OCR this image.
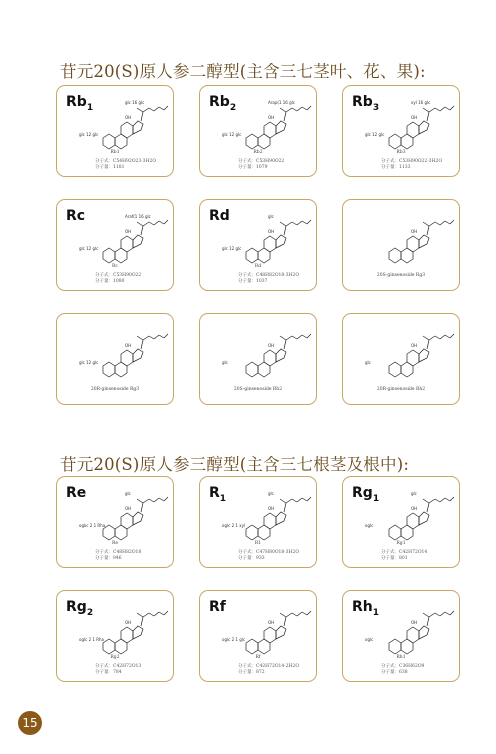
苷元20(S)原人参二醇型(主含三七茎叶、花、果):
苷元20(S)原人参三醇型(主含三七根茎及根中):
$Rb_1$
glc 16 glc
glc 12 glc
OH
Rb1
分子式：C54H92O23·3H2O
分子量：1181
$Rb_2$
Arap(1 16 glc
glc 12 glc
OH
Rb2
分子式：C53H90O22
分子量：1079
$Rb_3$
xyl 16 glc
glc 12 glc
OH
Rb3
分子式：C53H90O22·3H2O
分子量：1133
Rc	Araf(1 16 glc
glc 12 glc
OH
Rc
分子式：C53H90O22
分子量：1080
Rd	glc
glc 12 glc
OH
Rd
分子式：C48H82O18·3H2O
分子量：1037
OH
20S-ginsenoside Rg3
glc 12 glc
OH
20R-ginsenoside Rg3
glc
OH
20S-ginsenoside Rh2
glc
OH
20R-ginsenoside Rh2
Re	glc
ogkc 2 1 Rha
OH
Re
分子式：C48H82O18
分子量：946
$R_1$
glc
oglc 2 1 xyl
OH
R1
分子式：C47H80O18·3H2O
分子量：933
$Rg_1$
glc
oglc
OH
Rg1
分子式：C42H72O14
分子量：801
$Rg_2$
oglc 2 1 Rha
OH
Rg2
分子式：C42H72O13
分子量：784
Rf
oglc 2 1 glc
OH
Rf
分子式：C42H72O14·2H2O
分子量：872
$Rh_1$
oglc
OH
Rh1
分子式：C36H62O9
分子量：638
15
